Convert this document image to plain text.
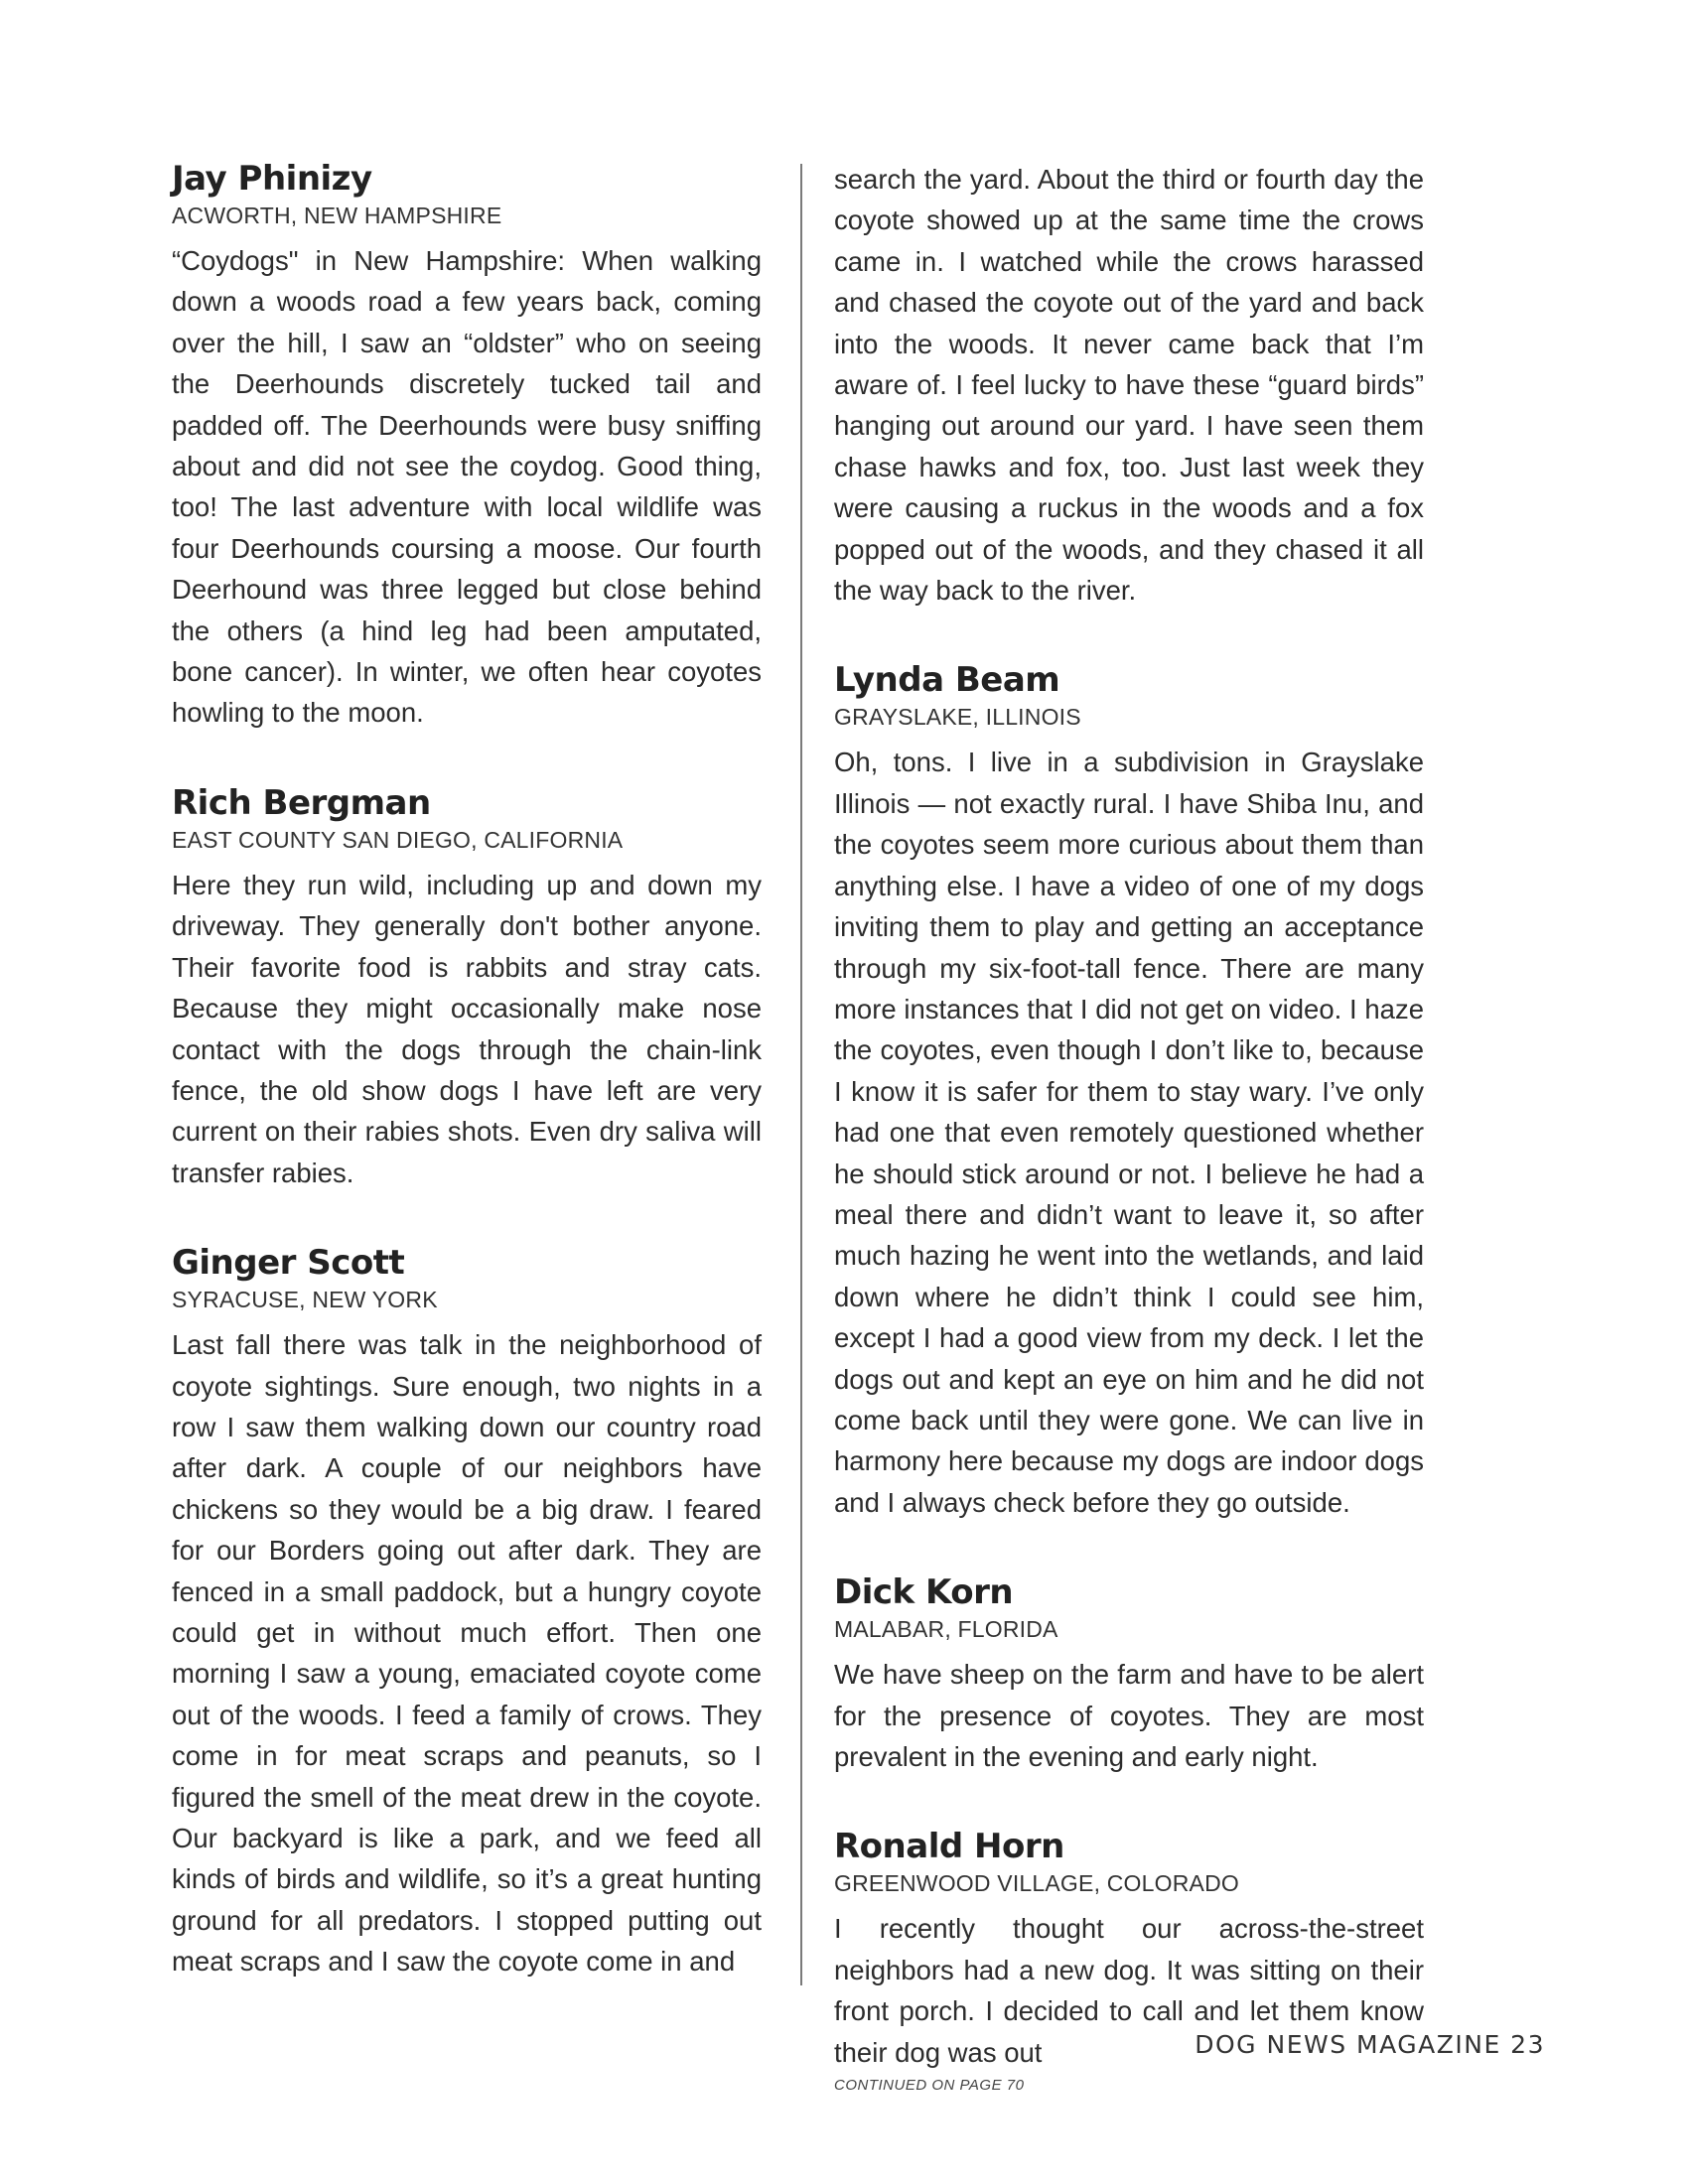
Jay Phinizy
ACWORTH, NEW HAMPSHIRE

“Coydogs" in New Hampshire: When walking down a woods road a few years back, coming over the hill, I saw an “oldster” who on seeing the Deerhounds discretely tucked tail and padded off. The Deerhounds were busy sniffing about and did not see the coydog. Good thing, too! The last adventure with local wildlife was four Deerhounds coursing a moose. Our fourth Deerhound was three legged but close behind the others (a hind leg had been amputated, bone cancer). In winter, we often hear coyotes howling to the moon.

Rich Bergman
EAST COUNTY SAN DIEGO, CALIFORNIA

Here they run wild, including up and down my driveway. They generally don't bother anyone. Their favorite food is rabbits and stray cats. Because they might occasionally make nose contact with the dogs through the chain-link fence, the old show dogs I have left are very current on their rabies shots. Even dry saliva will transfer rabies.

Ginger Scott
SYRACUSE, NEW YORK

Last fall there was talk in the neighborhood of coyote sightings. Sure enough, two nights in a row I saw them walking down our country road after dark. A couple of our neighbors have chickens so they would be a big draw. I feared for our Borders going out after dark. They are fenced in a small paddock, but a hungry coyote could get in without much effort. Then one morning I saw a young, emaciated coyote come out of the woods. I feed a family of crows. They come in for meat scraps and peanuts, so I figured the smell of the meat drew in the coyote. Our backyard is like a park, and we feed all kinds of birds and wildlife, so it’s a great hunting ground for all predators. I stopped putting out meat scraps and I saw the coyote come in and

search the yard. About the third or fourth day the coyote showed up at the same time the crows came in. I watched while the crows harassed and chased the coyote out of the yard and back into the woods. It never came back that I’m aware of. I feel lucky to have these “guard birds” hanging out around our yard. I have seen them chase hawks and fox, too. Just last week they were causing a ruckus in the woods and a fox popped out of the woods, and they chased it all the way back to the river.

Lynda Beam
GRAYSLAKE, ILLINOIS

Oh, tons. I live in a subdivision in Grayslake Illinois — not exactly rural. I have Shiba Inu, and the coyotes seem more curious about them than anything else. I have a video of one of my dogs inviting them to play and getting an acceptance through my six-foot-tall fence. There are many more instances that I did not get on video. I haze the coyotes, even though I don’t like to, because I know it is safer for them to stay wary. I’ve only had one that even remotely questioned whether he should stick around or not. I believe he had a meal there and didn’t want to leave it, so after much hazing he went into the wetlands, and laid down where he didn’t think I could see him, except I had a good view from my deck. I let the dogs out and kept an eye on him and he did not come back until they were gone. We can live in harmony here because my dogs are indoor dogs and I always check before they go outside.

Dick Korn
MALABAR, FLORIDA

We have sheep on the farm and have to be alert for the presence of coyotes. They are most prevalent in the evening and early night.

Ronald Horn
GREENWOOD VILLAGE, COLORADO

I recently thought our across-the-street neighbors had a new dog. It was sitting on their front porch. I decided to call and let them know their dog was out

CONTINUED ON PAGE 70

DOG NEWS MAGAZINE 23
